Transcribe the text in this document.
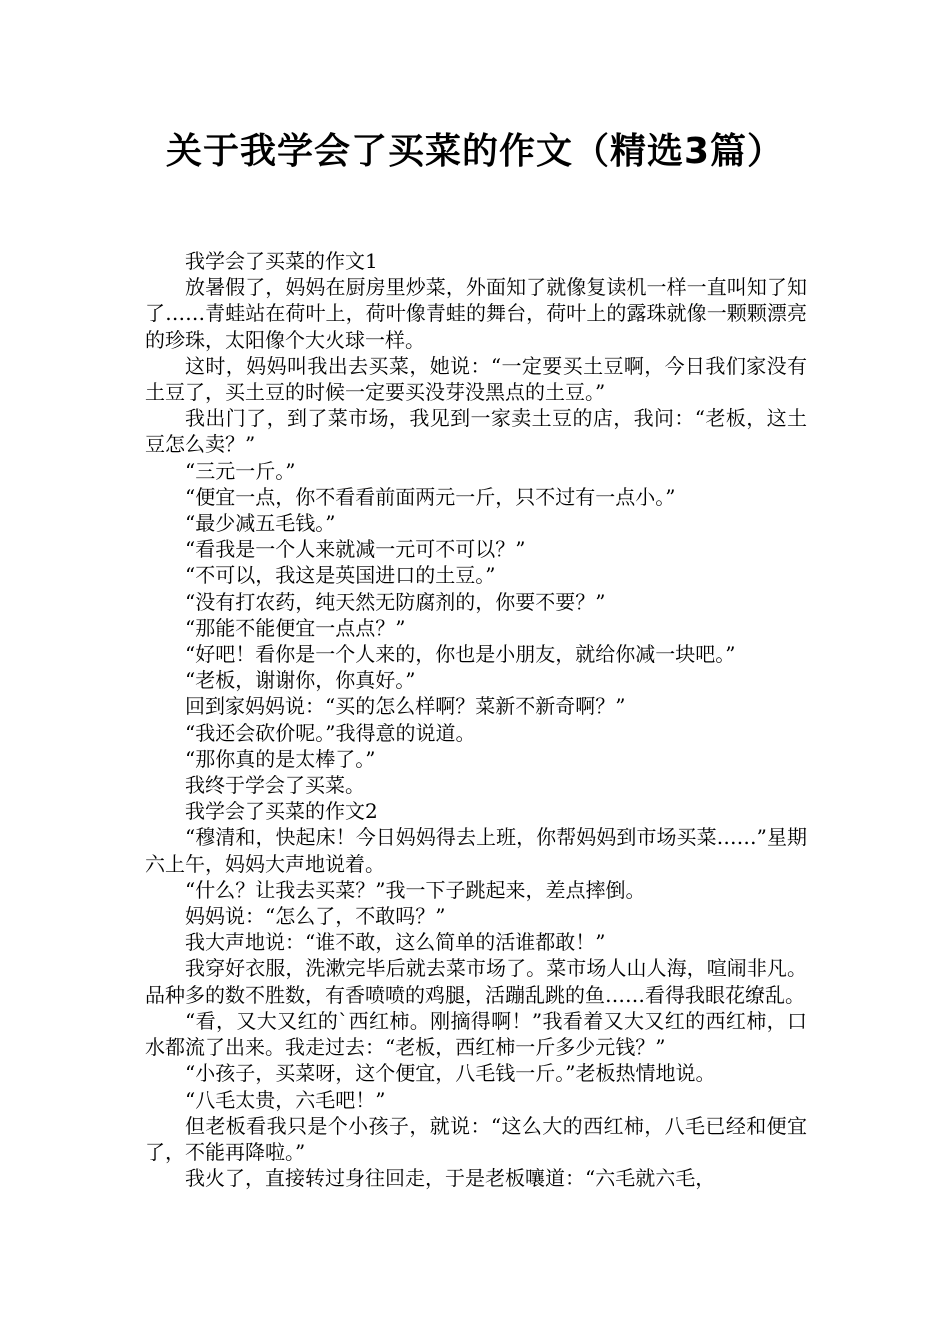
关于我学会了买菜的作文（精选3篇）

我学会了买菜的作文1

放暑假了，妈妈在厨房里炒菜，外面知了就像复读机一样一直叫知了知了……青蛙站在荷叶上，荷叶像青蛙的舞台，荷叶上的露珠就像一颗颗漂亮的珍珠，太阳像个大火球一样。

这时，妈妈叫我出去买菜，她说：“一定要买土豆啊，今日我们家没有土豆了，买土豆的时候一定要买没芽没黑点的土豆。”

我出门了，到了菜市场，我见到一家卖土豆的店，我问：“老板，这土豆怎么卖？”

“三元一斤。”

“便宜一点，你不看看前面两元一斤，只不过有一点小。”

“最少减五毛钱。”

“看我是一个人来就减一元可不可以？”

“不可以，我这是英国进口的土豆。”

“没有打农药，纯天然无防腐剂的，你要不要？”

“那能不能便宜一点点？”

“好吧！看你是一个人来的，你也是小朋友，就给你减一块吧。”

“老板，谢谢你，你真好。”

回到家妈妈说：“买的怎么样啊？菜新不新奇啊？”

“我还会砍价呢。”我得意的说道。

“那你真的是太棒了。”

我终于学会了买菜。

我学会了买菜的作文2

“穆清和，快起床！今日妈妈得去上班，你帮妈妈到市场买菜……”星期六上午，妈妈大声地说着。

“什么？让我去买菜？”我一下子跳起来，差点摔倒。

妈妈说：“怎么了，不敢吗？”

我大声地说：“谁不敢，这么简单的活谁都敢！”

我穿好衣服，洗漱完毕后就去菜市场了。菜市场人山人海，喧闹非凡。品种多的数不胜数，有香喷喷的鸡腿，活蹦乱跳的鱼……看得我眼花缭乱。

“看，又大又红的`西红柿。刚摘得啊！”我看着又大又红的西红柿，口水都流了出来。我走过去：“老板，西红柿一斤多少元钱？”

“小孩子，买菜呀，这个便宜，八毛钱一斤。”老板热情地说。

“八毛太贵，六毛吧！”

但老板看我只是个小孩子，就说：“这么大的西红柿，八毛已经和便宜了，不能再降啦。”

我火了，直接转过身往回走，于是老板嚷道：“六毛就六毛，
